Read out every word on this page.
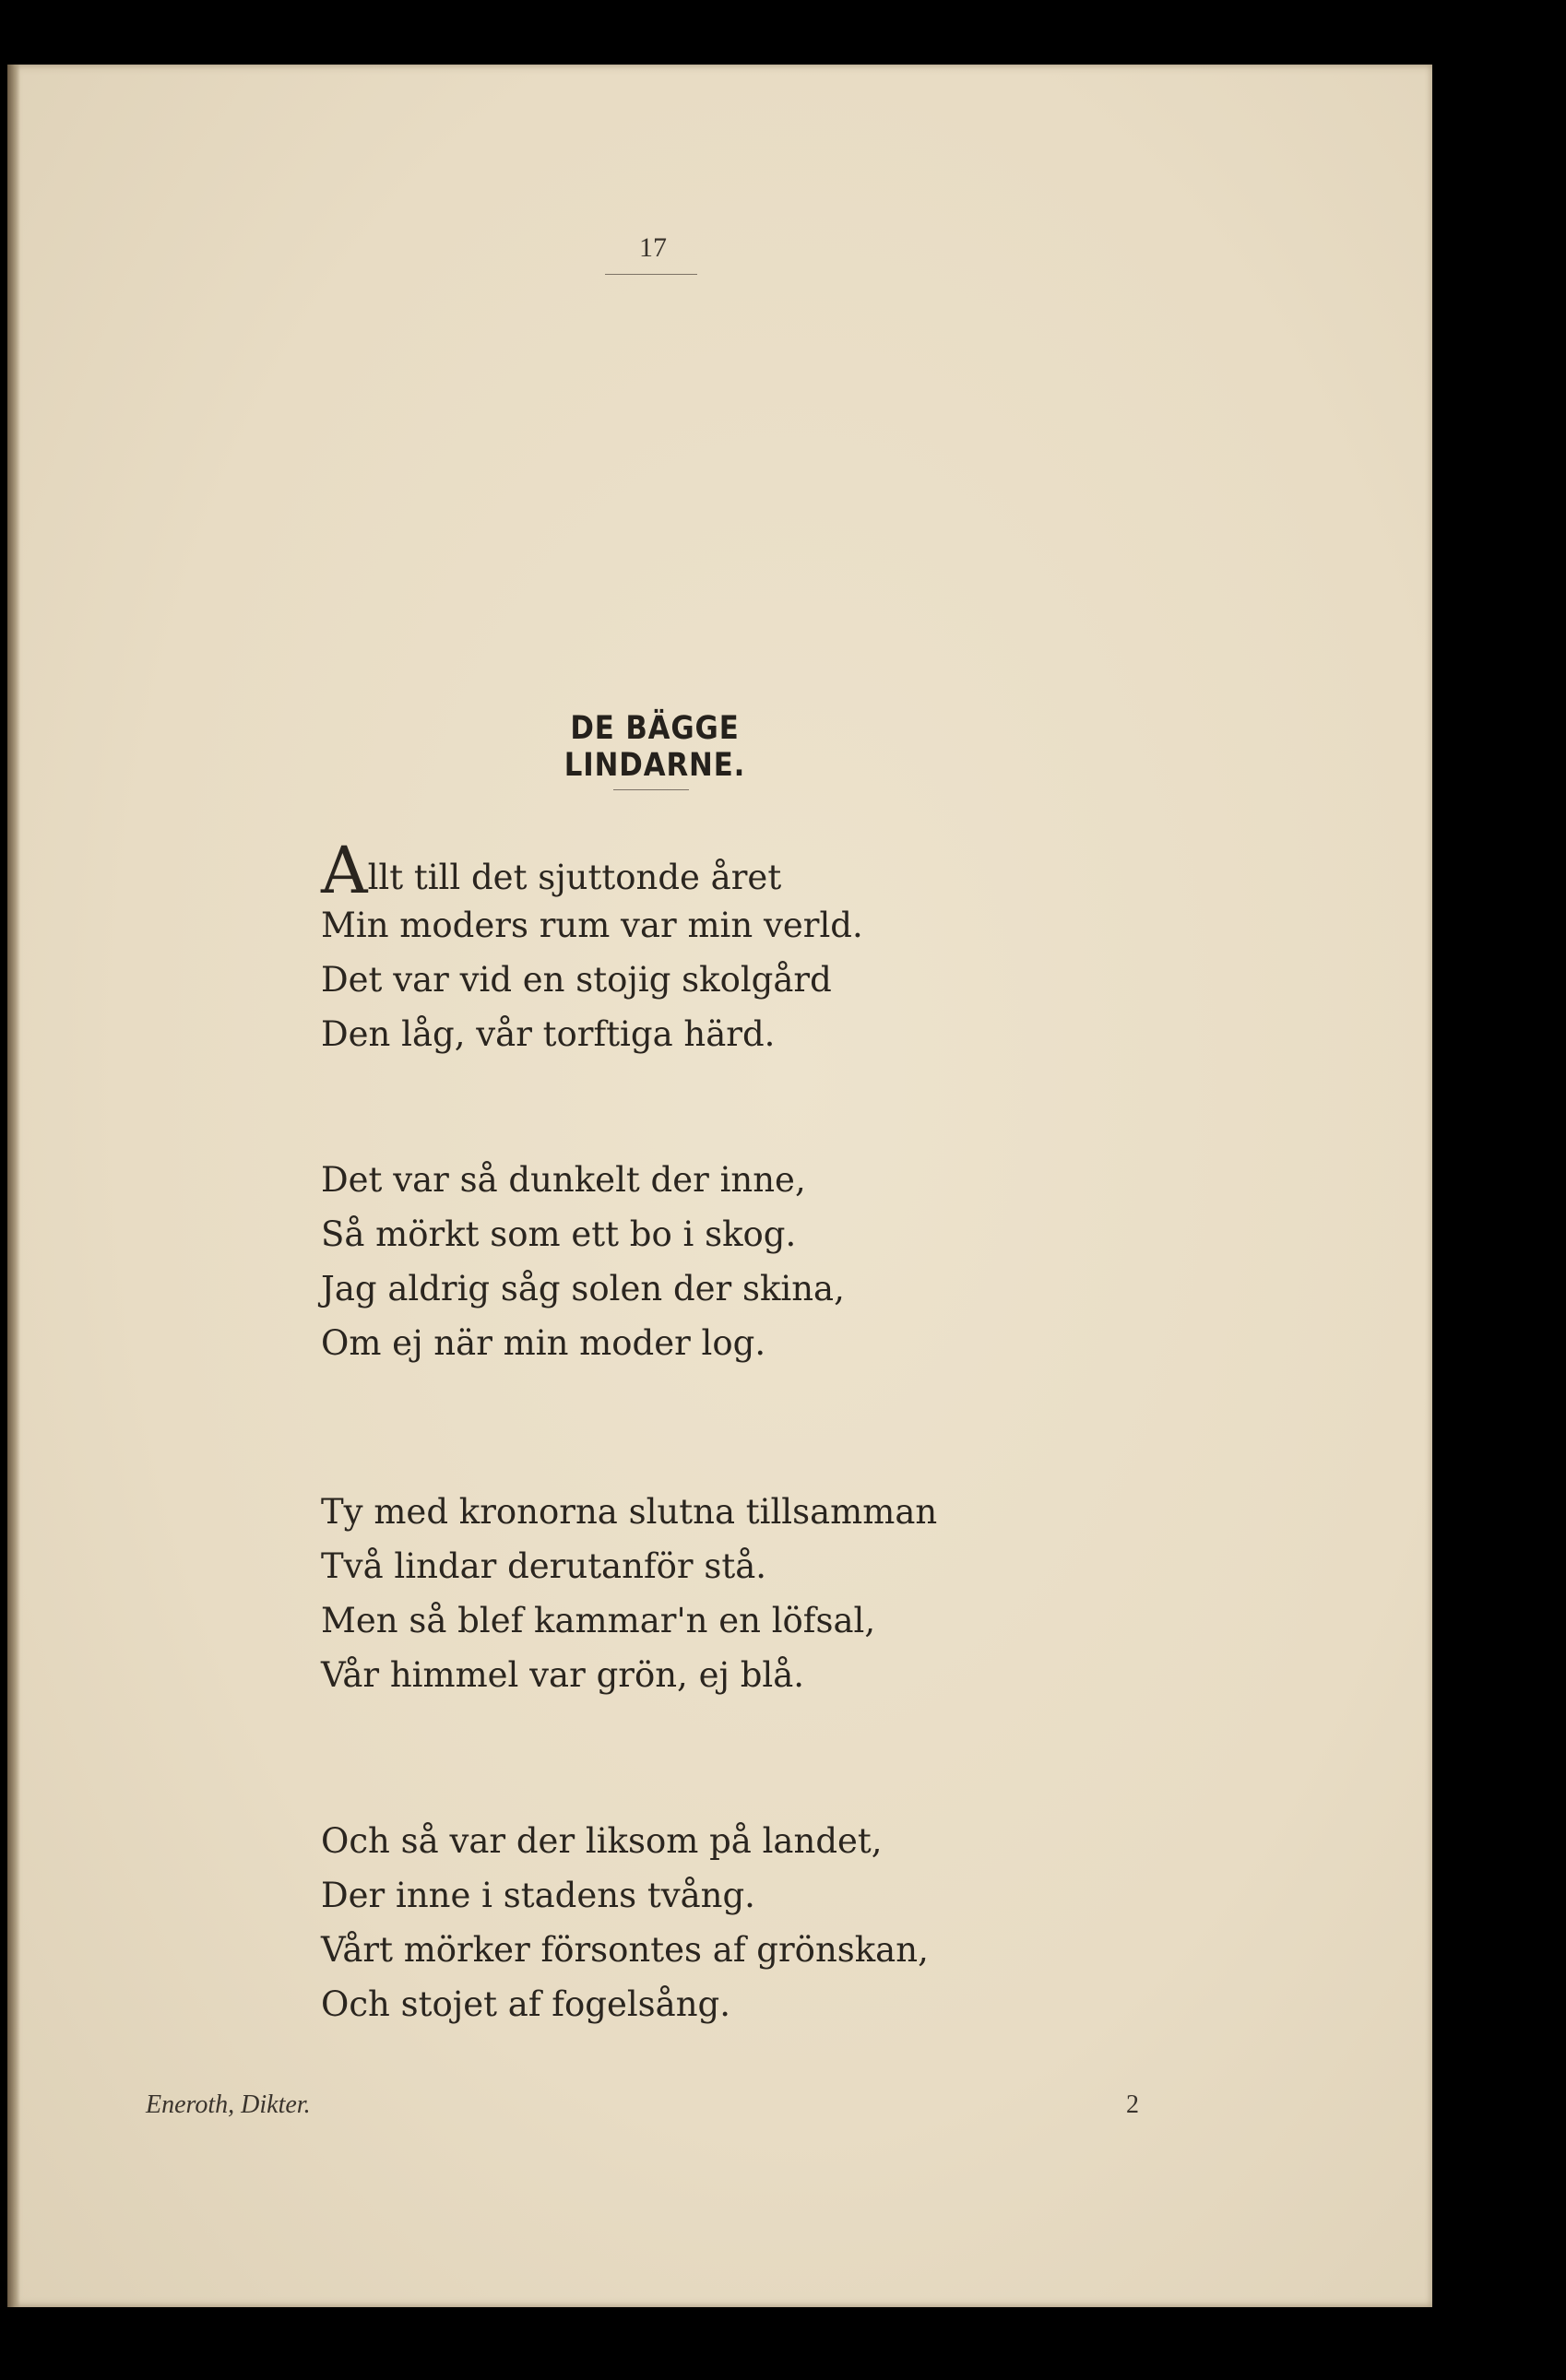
17
DE BÄGGE LINDARNE.
Allt till det sjuttonde året
Min moders rum var min verld.
Det var vid en stojig skolgård
Den låg, vår torftiga härd.
Det var så dunkelt der inne,
Så mörkt som ett bo i skog.
Jag aldrig såg solen der skina,
Om ej när min moder log.
Ty med kronorna slutna tillsamman
Två lindar derutanför stå.
Men så blef kammar'n en löfsal,
Vår himmel var grön, ej blå.
Och så var der liksom på landet,
Der inne i stadens tvång.
Vårt mörker försontes af grönskan,
Och stojet af fogelsång.
Eneroth, Dikter.	2
